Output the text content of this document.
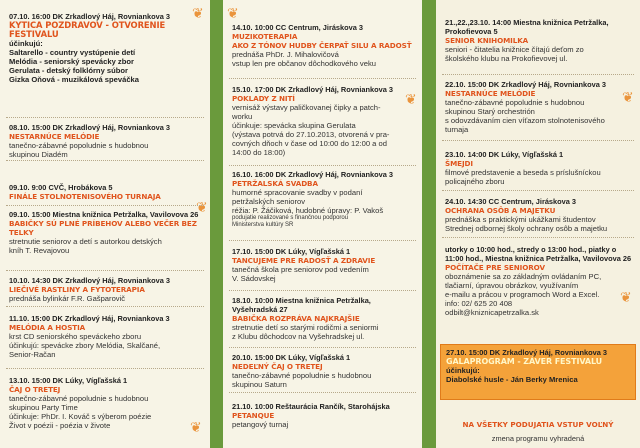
❦
❦
❦
07.10. 16:00 DK Zrkadlový Háj, Rovniankova 3
KYTICA POZDRAVOV - OTVORENIE FESTIVALU
účinkujú:
Saltarello - country vystúpenie detí
Melódia - seniorský spevácky zbor
Gerulata - detský folklórny súbor
Gizka Oňová - muzikálová speváčka
08.10. 15:00 DK Zrkadlový Háj, Rovniankova 3
NESTARNÚCE MELÓDIE
tanečno-zábavné popoludnie s hudobnou
skupinou Diadém
09.10. 9:00 CVČ, Hrobákova 5
FINÁLE STOLNOTENISOVÉHO TURNAJA
09.10. 15:00 Miestna knižnica Petržalka, Vavilovova 26
BABIČKY SÚ PLNÉ PRÍBEHOV ALEBO VEČER BEZ TELKY
stretnutie seniorov a detí s autorkou detských
kníh T. Revajovou
10.10. 14:30 DK Zrkadlový Háj, Rovniankova 3
LIEČIVÉ RASTLINY A FYTOTERAPIA
prednáša bylinkár F.R. Gašparovič
11.10. 15:00 DK Zrkadlový Háj, Rovniankova 3
MELÓDIA A HOSTIA
krst CD seniorského speváckeho zboru
účinkujú: spevácke zbory Melódia, Skalčané,
Senior-Račan
13.10. 15:00 DK Lúky, Vígľašská 1
ČAJ O TRETEJ
tanečno-zábavné popoludnie s hudobnou
skupinou Party Time
účinkuje: PhDr. I. Kováč s výberom poézie
Život v poézii - poézia v živote
❦
❦
14.10. 10:00 CC Centrum, Jiráskova 3
MUZIKOTERAPIA
AKO Z TÓNOV HUDBY ČERPAŤ SILU A RADOSŤ
prednáša PhDr. J. Mihalovičová
vstup len pre občanov dôchodkového veku
15.10. 17:00 DK Zrkadlový Háj, Rovniankova 3
POKLADY Z NITÍ
vernisáž výstavy paličkovanej čipky a patch-
worku
účinkuje: spevácka skupina Gerulata
(výstava potrvá do 27.10.2013, otvorená v pra-
covných dňoch v čase od 10:00 do 12:00 a od
14:00 do 18:00)
16.10. 16:00 DK Zrkadlový Háj, Rovniankova 3
PETRŽALSKÁ SVADBA
humorné spracovanie svadby v podaní
petržalských seniorov
réžia: P. Žáčiková, hudobné úpravy: P. Vakoš
podujatie realizované s finančnou podporou
Ministerstva kultúry SR
17.10. 15:00 DK Lúky, Vígľašská 1
TANCUJEME PRE RADOSŤ A ZDRAVIE
tanečná škola pre seniorov pod vedením
V. Sádovskej
18.10. 10:00 Miestna knižnica Petržalka, Vyšehradská 27
BABIČKA ROZPRÁVA NAJKRAJŠIE
stretnutie detí so starými rodičmi a seniormi
z Klubu dôchodcov na Vyšehradskej ul.
20.10. 15:00 DK Lúky, Vígľašská 1
NEDEĽNÝ ČAJ O TRETEJ
tanečno-zábavné popoludnie s hudobnou
skupinou Saturn
21.10. 10:00 Reštaurácia Rančík, Starohájska
PETANQUE
petangový turnaj
❦
❦
21.,22.,23.10. 14:00 Miestna knižnica Petržalka, Prokofievova 5
SENIOR KNIHOMILKA
seniori - čitatelia knižnice čítajú deťom zo
školského klubu na Prokofievovej ul.
22.10. 15:00 DK Zrkadlový Háj, Rovniankova 3
NESTARNÚCE MELÓDIE
tanečno-zábavné popoludnie s hudobnou
skupinou Starý orchestrión
s odovzdávaním cien víťazom stolnotenisového
turnaja
23.10. 14:00 DK Lúky, Vígľašská 1
ŠMEJDI
filmové predstavenie a beseda s príslušníckou
policajného zboru
24.10. 14:30 CC Centrum, Jiráskova 3
OCHRANA OSÔB A MAJETKU
prednáška s praktickými ukážkami študentov
Strednej odbornej školy ochrany osôb a majetku
utorky o 10:00 hod., stredy o 13:00 hod., piatky o 11:00 hod., Miestna knižnica Petržalka, Vavilovova 26
POČÍTAČE PRE SENIOROV
oboznámenie sa zo základným ovládaním PC,
tlačiarní, úpravou obrázkov, využívaním
e-mailu a prácou v programoch Word a Excel.
info: 02/ 625 20 408
odbilt@kniznicapetrzalka.sk
27.10. 15:00 DK Zrkadlový Háj, Rovniankova 3
GALAPROGRAM - ZÁVER FESTIVALU
účinkujú:
Diabolské husle - Ján Berky Mrenica
NA VŠETKY PODUJATIA VSTUP VOĽNÝ
zmena programu vyhradená
